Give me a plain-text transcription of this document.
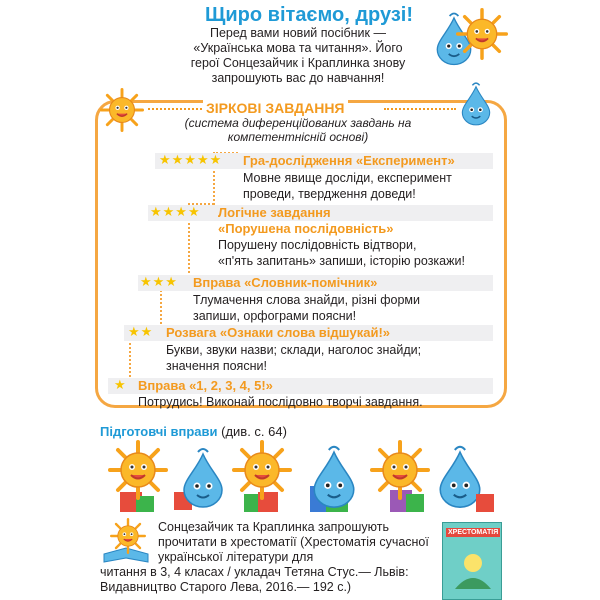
Щиро вітаємо, друзі!
Перед вами новий посібник — «Українська мова та читання». Його герої Сонцезайчик і Краплинка знову запрошують вас до навчання!
ЗІРКОВІ ЗАВДАННЯ
(система диференційованих завдань на компетентнісній основі)
★★★★★ Гра-дослідження «Експеримент»
Мовне явище досліди, експеримент
проведи, твердження доведи!
★★★★ Логічне завдання
«Порушена послідовність»
Порушену послідовність відтвори,
«п'ять запитань» запиши, історію розкажи!
★★★ Вправа «Словник-помічник»
Тлумачення слова знайди, різні форми
запиши, орфограми поясни!
★★ Розвага «Ознаки слова відшукай!»
Букви, звуки назви; склади, наголос знайди;
значення поясни!
★ Вправа «1, 2, 3, 4, 5!»
Потрудись! Виконай послідовно творчі завдання.
Підготовчі вправи (див. с. 64)
Сонцезайчик та Краплинка запрошують прочитати в хрестоматії (Хрестоматія сучасної української літератури для
читання в 3, 4 класах / укладач Тетяна Стус.— Львів: Видавництво Старого Лева, 2016.— 192 с.)
ХРЕСТОМАТІЯ
